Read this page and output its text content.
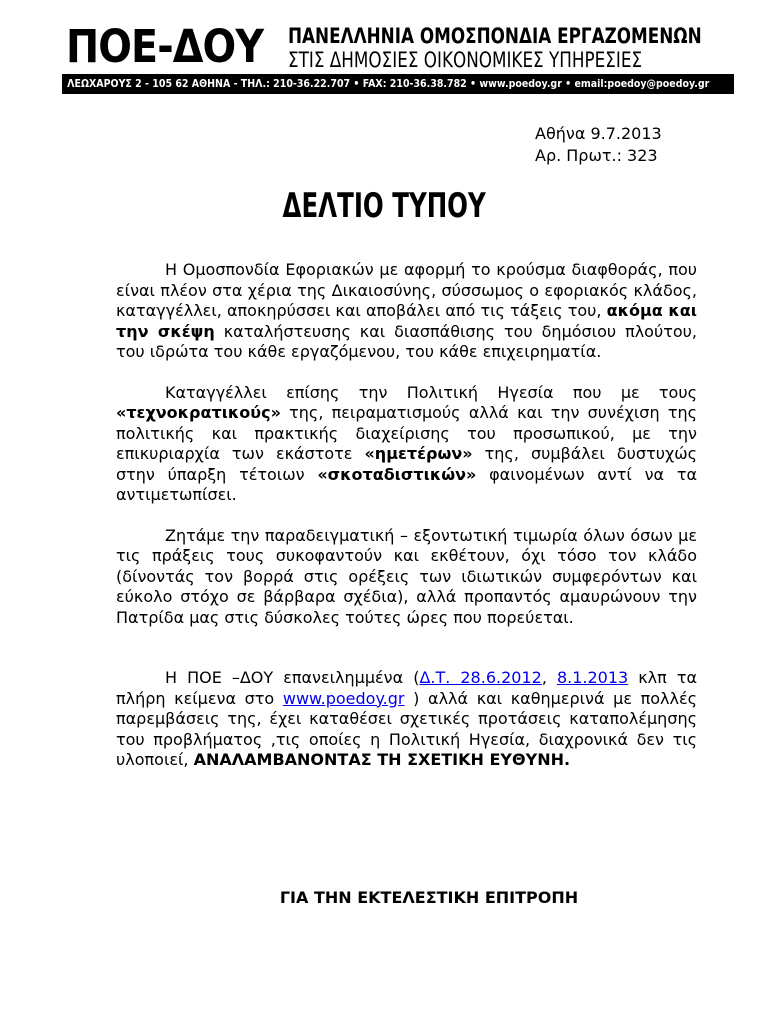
ΠΟΕ-ΔΟΥ ΠΑΝΕΛΛΗΝΙΑ ΟΜΟΣΠΟΝΔΙΑ ΕΡΓΑΖΟΜΕΝΩΝ
ΣΤΙΣ ΔΗΜΟΣΙΕΣ ΟΙΚΟΝΟΜΙΚΕΣ ΥΠΗΡΕΣΙΕΣ
ΛΕΩΧΑΡΟΥΣ 2 - 105 62 ΑΘΗΝΑ - ΤΗΛ.: 210-36.22.707 • FAX: 210-36.38.782 • www.poedoy.gr • email:poedoy@poedoy.gr
Αθήνα 9.7.2013
Αρ. Πρωτ.: 323
ΔΕΛΤΙΟ ΤΥΠΟΥ

Η Ομοσπονδία Εφοριακών με αφορμή το κρούσμα διαφθοράς, που είναι πλέον στα χέρια της Δικαιοσύνης, σύσσωμος ο εφοριακός κλάδος, καταγγέλλει, αποκηρύσσει και αποβάλει από τις τάξεις του, ακόμα και την σκέψη καταλήστευσης και διασπάθισης του δημόσιου πλούτου, του ιδρώτα του κάθε εργαζόμενου, του κάθε επιχειρηματία.

Καταγγέλλει επίσης την Πολιτική Ηγεσία που με τους «τεχνοκρατικούς» της, πειραματισμούς αλλά και την συνέχιση της πολιτικής και πρακτικής διαχείρισης του προσωπικού, με την επικυριαρχία των εκάστοτε «ημετέρων» της, συμβάλει δυστυχώς στην ύπαρξη τέτοιων «σκοταδιστικών» φαινομένων αντί να τα αντιμετωπίσει.

Ζητάμε την παραδειγματική – εξοντωτική τιμωρία όλων όσων με τις πράξεις τους συκοφαντούν και εκθέτουν, όχι τόσο τον κλάδο (δίνοντάς τον βορρά στις ορέξεις των ιδιωτικών συμφερόντων και εύκολο στόχο σε βάρβαρα σχέδια), αλλά προπαντός αμαυρώνουν την Πατρίδα μας στις δύσκολες τούτες ώρες που πορεύεται.

Η ΠΟΕ –ΔΟΥ επανειλημμένα (Δ.Τ. 28.6.2012, 8.1.2013 κλπ τα πλήρη κείμενα στο www.poedoy.gr ) αλλά και καθημερινά με πολλές παρεμβάσεις της, έχει καταθέσει σχετικές προτάσεις καταπολέμησης του προβλήματος ,τις οποίες η Πολιτική Ηγεσία, διαχρονικά δεν τις υλοποιεί, ΑΝΑΛΑΜΒΑΝΟΝΤΑΣ ΤΗ ΣΧΕΤΙΚΗ ΕΥΘΥΝΗ.

ΓΙΑ ΤΗΝ ΕΚΤΕΛΕΣΤΙΚΗ ΕΠΙΤΡΟΠΗ
